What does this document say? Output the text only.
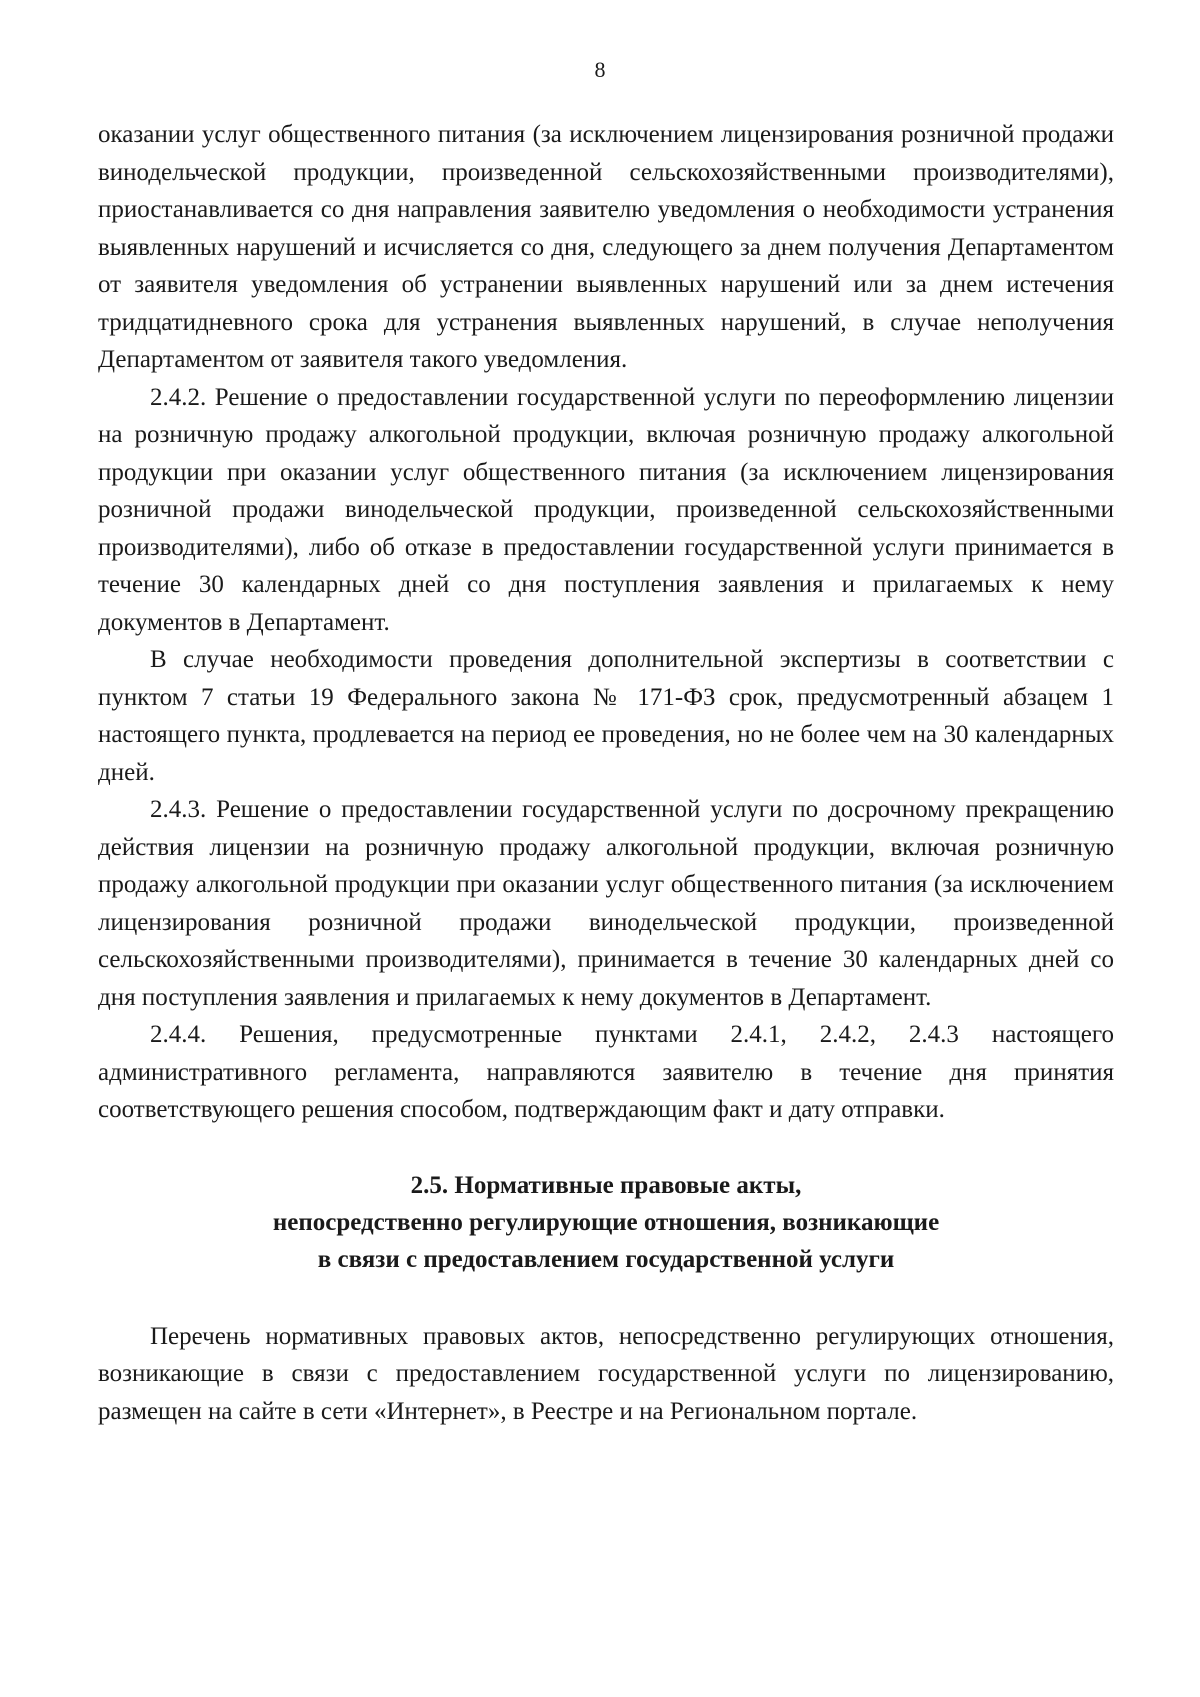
8

оказании услуг общественного питания (за исключением лицензирования розничной продажи винодельческой продукции, произведенной сельскохозяйственными производителями), приостанавливается со дня направления заявителю уведомления о необходимости устранения выявленных нарушений и исчисляется со дня, следующего за днем получения Департаментом от заявителя уведомления об устранении выявленных нарушений или за днем истечения тридцатидневного срока для устранения выявленных нарушений, в случае неполучения Департаментом от заявителя такого уведомления.

2.4.2. Решение о предоставлении государственной услуги по переоформлению лицензии на розничную продажу алкогольной продукции, включая розничную продажу алкогольной продукции при оказании услуг общественного питания (за исключением лицензирования розничной продажи винодельческой продукции, произведенной сельскохозяйственными производителями), либо об отказе в предоставлении государственной услуги принимается в течение 30 календарных дней со дня поступления заявления и прилагаемых к нему документов в Департамент.

В случае необходимости проведения дополнительной экспертизы в соответствии с пунктом 7 статьи 19 Федерального закона № 171-ФЗ срок, предусмотренный абзацем 1 настоящего пункта, продлевается на период ее проведения, но не более чем на 30 календарных дней.

2.4.3. Решение о предоставлении государственной услуги по досрочному прекращению действия лицензии на розничную продажу алкогольной продукции, включая розничную продажу алкогольной продукции при оказании услуг общественного питания (за исключением лицензирования розничной продажи винодельческой продукции, произведенной сельскохозяйственными производителями), принимается в течение 30 календарных дней со дня поступления заявления и прилагаемых к нему документов в Департамент.

2.4.4. Решения, предусмотренные пунктами 2.4.1, 2.4.2, 2.4.3 настоящего административного регламента, направляются заявителю в течение дня принятия соответствующего решения способом, подтверждающим факт и дату отправки.

2.5. Нормативные правовые акты,
непосредственно регулирующие отношения, возникающие
в связи с предоставлением государственной услуги

Перечень нормативных правовых актов, непосредственно регулирующих отношения, возникающие в связи с предоставлением государственной услуги по лицензированию, размещен на сайте в сети «Интернет», в Реестре и на Региональном портале.
